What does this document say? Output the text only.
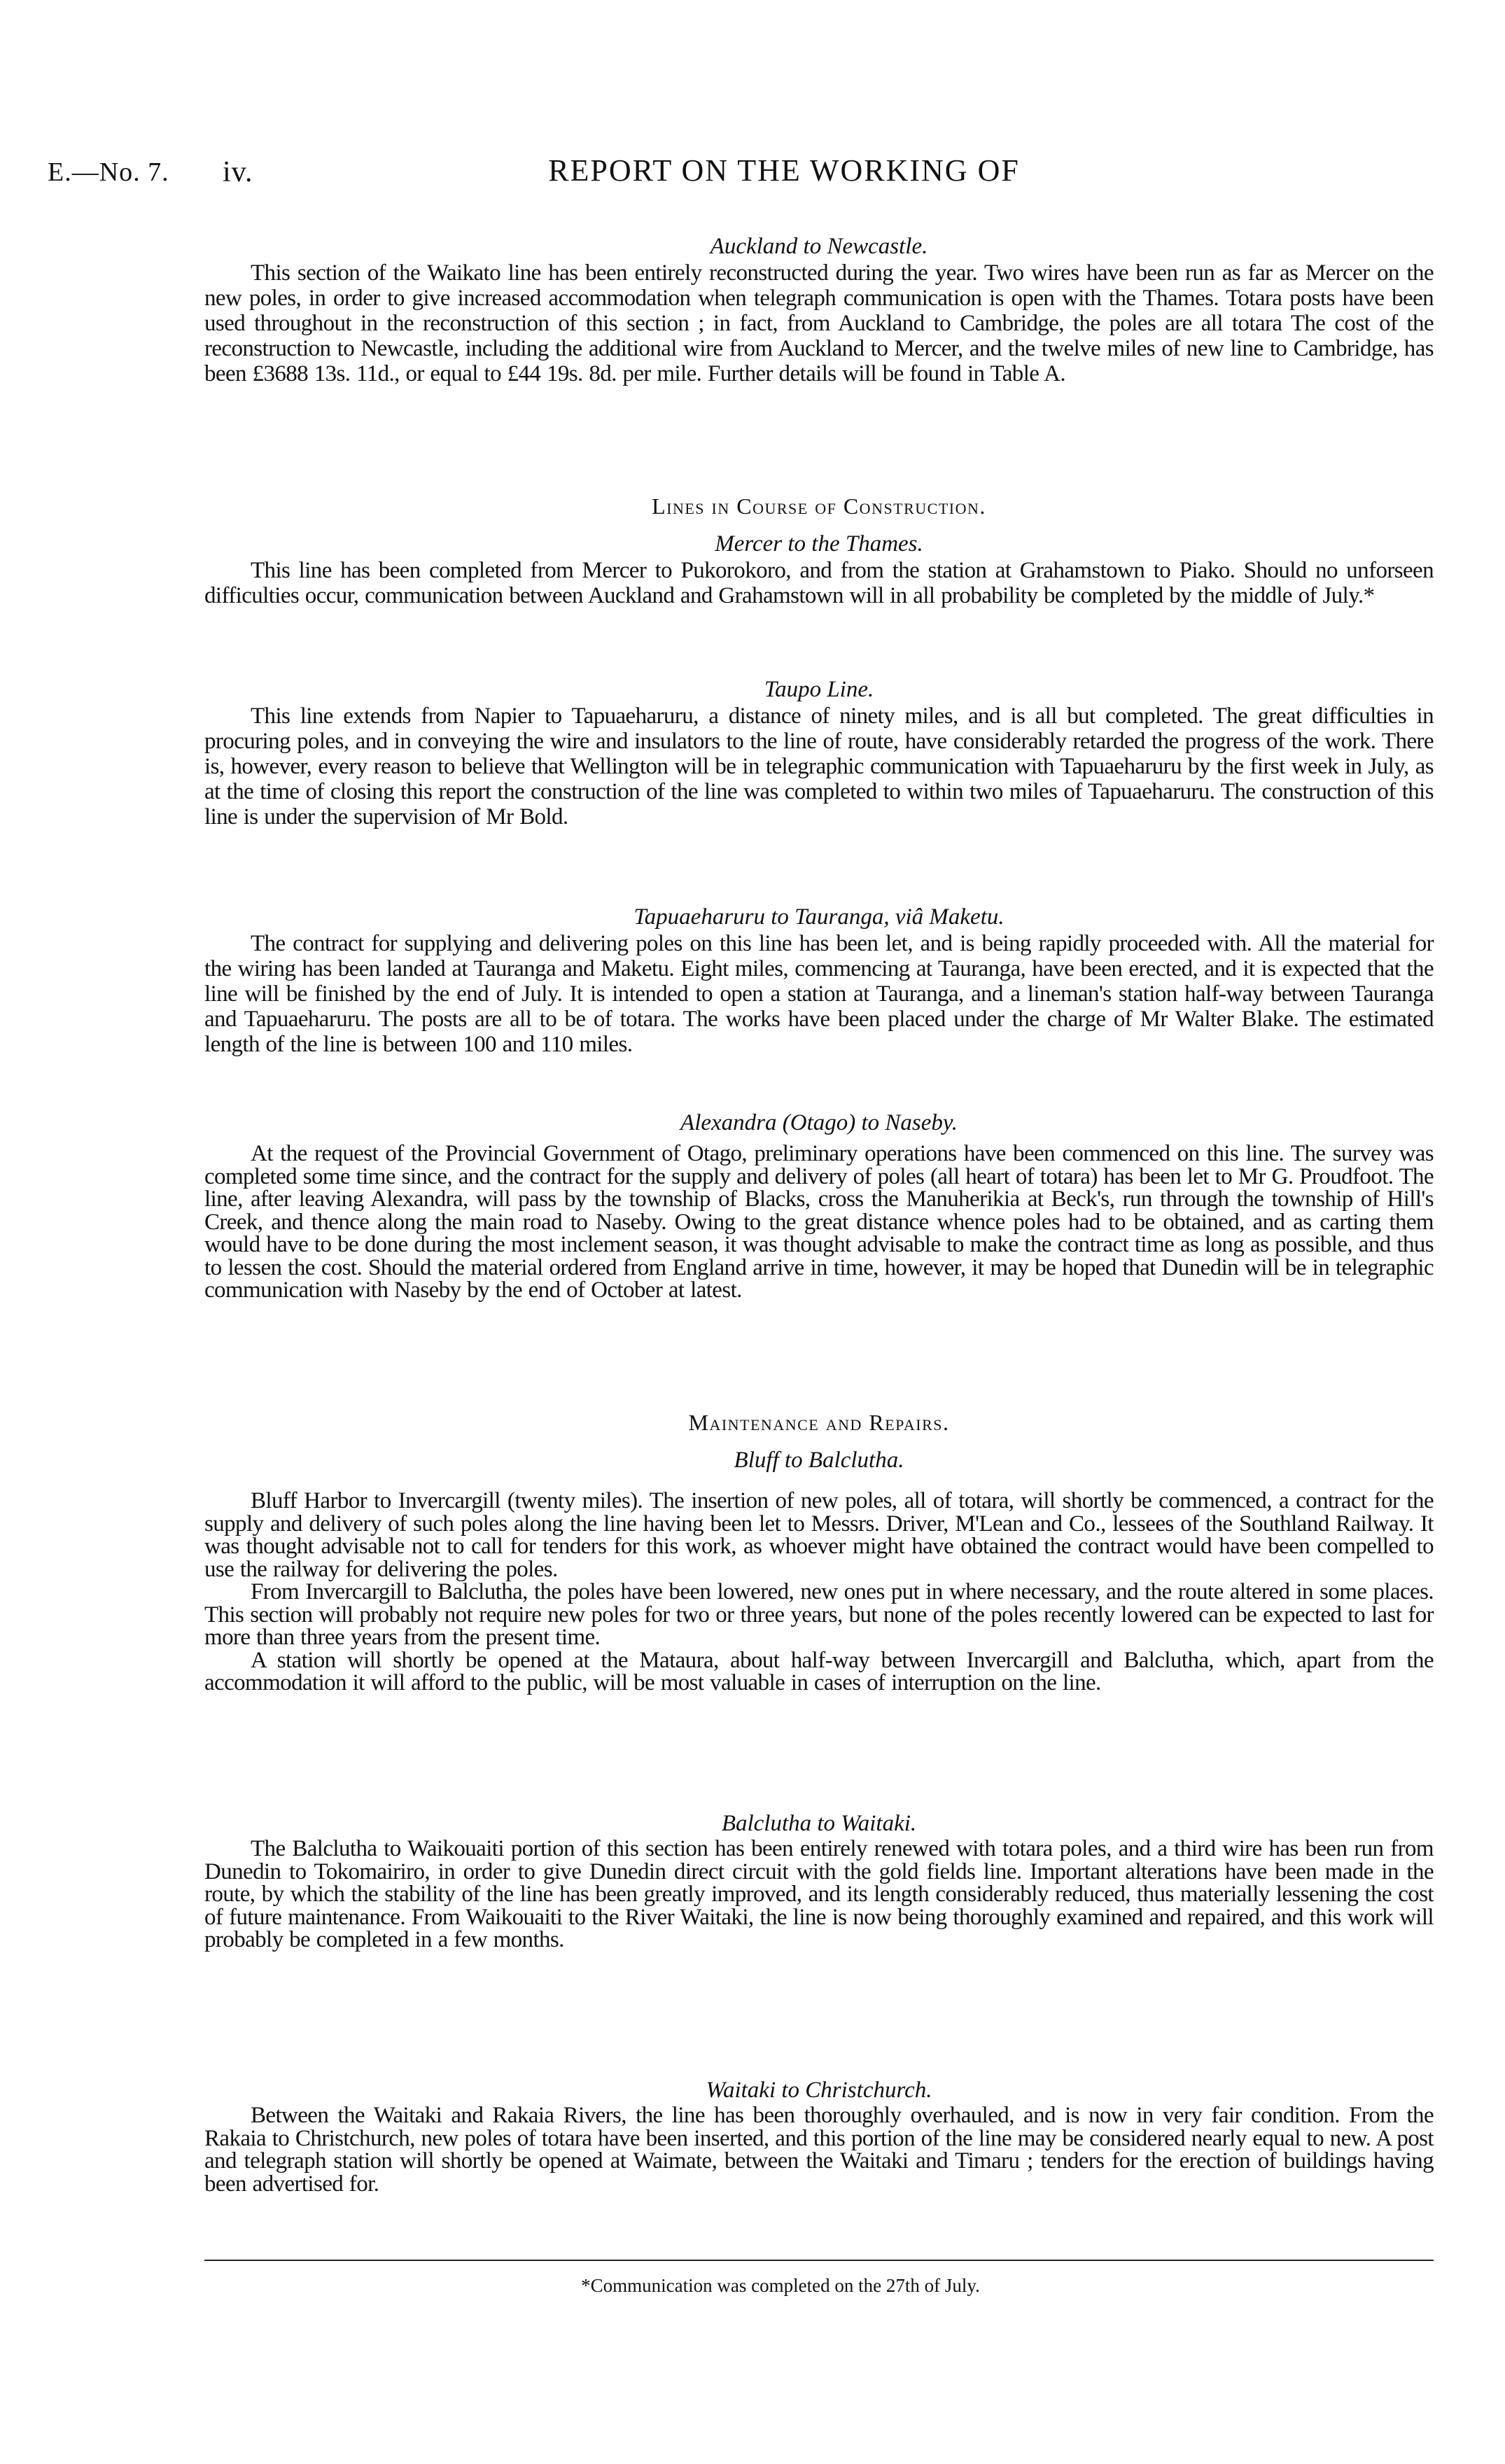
E.—No. 7. iv.	REPORT ON THE WORKING OF
Auckland to Newcastle.

This section of the Waikato line has been entirely reconstructed during the year. Two wires have been run as far as Mercer on the new poles, in order to give increased accommodation when telegraph communication is open with the Thames. Totara posts have been used throughout in the reconstruction of this section ; in fact, from Auckland to Cambridge, the poles are all totara The cost of the reconstruction to Newcastle, including the additional wire from Auckland to Mercer, and the twelve miles of new line to Cambridge, has been £3688 13s. 11d., or equal to £44 19s. 8d. per mile. Further details will be found in Table A.

Lines in Course of Construction.
Mercer to the Thames.

This line has been completed from Mercer to Pukorokoro, and from the station at Grahamstown to Piako. Should no unforseen difficulties occur, communication between Auckland and Grahamstown will in all probability be completed by the middle of July.*

Taupo Line.

This line extends from Napier to Tapuaeharuru, a distance of ninety miles, and is all but completed. The great difficulties in procuring poles, and in conveying the wire and insulators to the line of route, have considerably retarded the progress of the work. There is, however, every reason to believe that Wellington will be in telegraphic communication with Tapuaeharuru by the first week in July, as at the time of closing this report the construction of the line was completed to within two miles of Tapuaeharuru. The construction of this line is under the supervision of Mr Bold.

Tapuaeharuru to Tauranga, viâ Maketu.

The contract for supplying and delivering poles on this line has been let, and is being rapidly proceeded with. All the material for the wiring has been landed at Tauranga and Maketu. Eight miles, commencing at Tauranga, have been erected, and it is expected that the line will be finished by the end of July. It is intended to open a station at Tauranga, and a lineman's station half-way between Tauranga and Tapuaeharuru. The posts are all to be of totara. The works have been placed under the charge of Mr Walter Blake. The estimated length of the line is between 100 and 110 miles.

Alexandra (Otago) to Naseby.

At the request of the Provincial Government of Otago, preliminary operations have been commenced on this line. The survey was completed some time since, and the contract for the supply and delivery of poles (all heart of totara) has been let to Mr G. Proudfoot. The line, after leaving Alexandra, will pass by the township of Blacks, cross the Manuherikia at Beck's, run through the township of Hill's Creek, and thence along the main road to Naseby. Owing to the great distance whence poles had to be obtained, and as carting them would have to be done during the most inclement season, it was thought advisable to make the contract time as long as possible, and thus to lessen the cost. Should the material ordered from England arrive in time, however, it may be hoped that Dunedin will be in telegraphic communication with Naseby by the end of October at latest.

Maintenance and Repairs.
Bluff to Balclutha.

Bluff Harbor to Invercargill (twenty miles). The insertion of new poles, all of totara, will shortly be commenced, a contract for the supply and delivery of such poles along the line having been let to Messrs. Driver, M'Lean and Co., lessees of the Southland Railway. It was thought advisable not to call for tenders for this work, as whoever might have obtained the contract would have been compelled to use the railway for delivering the poles.

From Invercargill to Balclutha, the poles have been lowered, new ones put in where necessary, and the route altered in some places. This section will probably not require new poles for two or three years, but none of the poles recently lowered can be expected to last for more than three years from the present time.

A station will shortly be opened at the Mataura, about half-way between Invercargill and Balclutha, which, apart from the accommodation it will afford to the public, will be most valuable in cases of interruption on the line.

Balclutha to Waitaki.

The Balclutha to Waikouaiti portion of this section has been entirely renewed with totara poles, and a third wire has been run from Dunedin to Tokomairiro, in order to give Dunedin direct circuit with the gold fields line. Important alterations have been made in the route, by which the stability of the line has been greatly improved, and its length considerably reduced, thus materially lessening the cost of future maintenance. From Waikouaiti to the River Waitaki, the line is now being thoroughly examined and repaired, and this work will probably be completed in a few months.

Waitaki to Christchurch.

Between the Waitaki and Rakaia Rivers, the line has been thoroughly overhauled, and is now in very fair condition. From the Rakaia to Christchurch, new poles of totara have been inserted, and this portion of the line may be considered nearly equal to new. A post and telegraph station will shortly be opened at Waimate, between the Waitaki and Timaru ; tenders for the erection of buildings having been advertised for.

*Communication was completed on the 27th of July.
